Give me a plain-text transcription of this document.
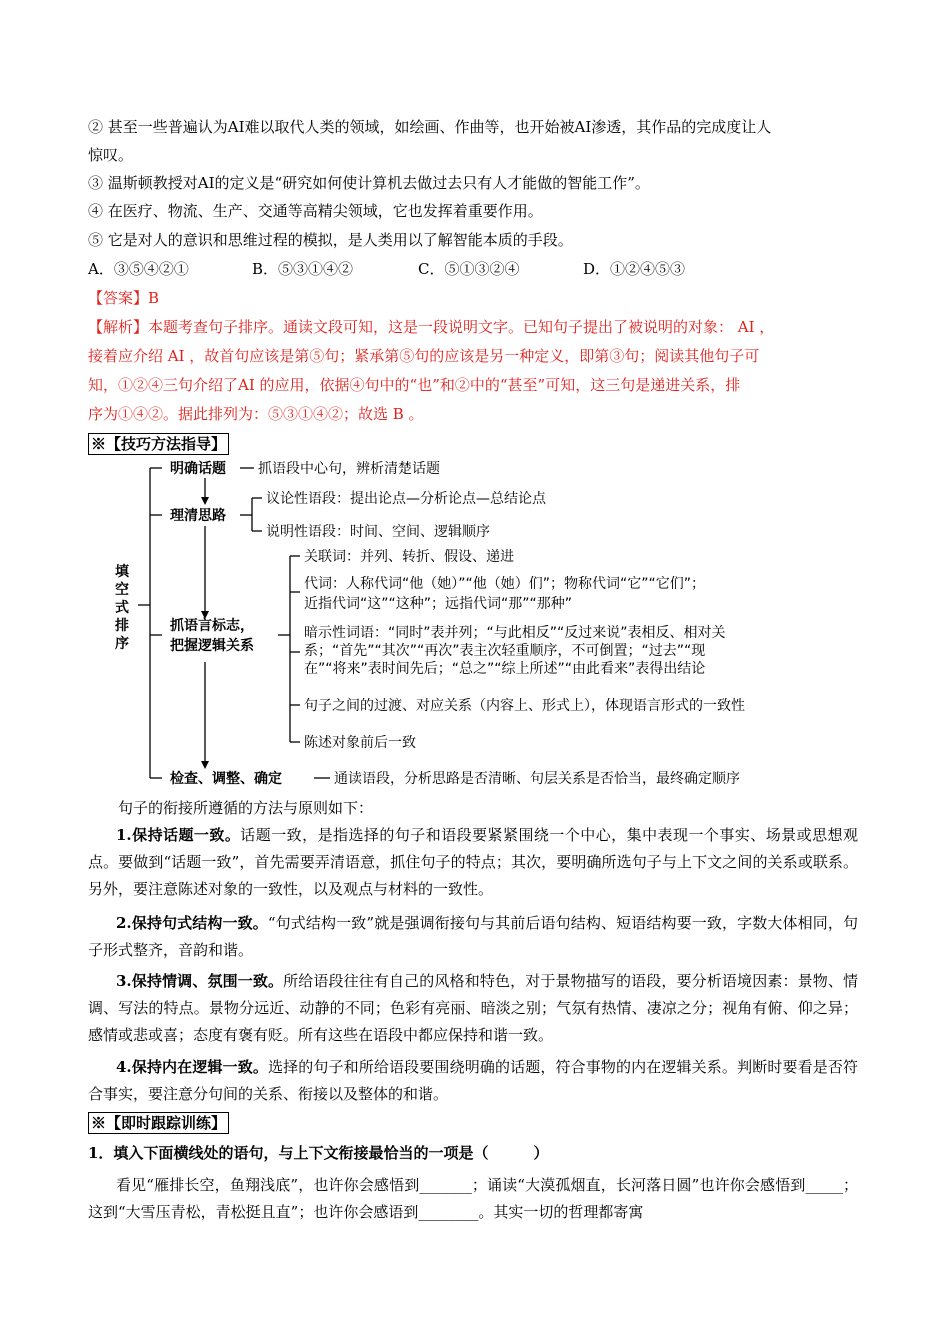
② 甚至一些普遍认为AI难以取代人类的领域，如绘画、作曲等，也开始被AI渗透，其作品的完成度让人
惊叹。
③ 温斯顿教授对AI的定义是“研究如何使计算机去做过去只有人才能做的智能工作”。
④ 在医疗、物流、生产、交通等高精尖领域，它也发挥着重要作用。
⑤ 它是对人的意识和思维过程的模拟，是人类用以了解智能本质的手段。
A．③⑤④②①	B．⑤③①④②	C．⑤①③②④	D．①②④⑤③
【答案】B
【解析】本题考查句子排序。通读文段可知，这是一段说明文字。已知句子提出了被说明的对象： AI ，
接着应介绍 AI ，故首句应该是第⑤句；紧承第⑤句的应该是另一种定义，即第③句；阅读其他句子可
知，①②④三句介绍了AI 的应用，依据④句中的“也”和②中的“甚至”可知，这三句是递进关系，排
序为①④②。据此排列为：⑤③①④②；故选 B 。
※【技巧方法指导】
填
空
式
排
序
明确话题 抓语段中心句，辨析清楚话题
理清思路
议论性语段：提出论点—分析论点—总结论点
说明性语段：时间、空间、逻辑顺序
抓语言标志，
把握逻辑关系
关联词：并列、转折、假设、递进
代词：人称代词“他（她）”“他（她）们”；物称代词“它”“它们”；
近指代词“这”“这种”；远指代词“那”“那种”
暗示性词语：“同时”表并列；“与此相反”“反过来说”表相反、相对关
系；“首先”“其次”“再次”表主次轻重顺序，不可倒置；“过去”“现
在”“将来”表时间先后；“总之”“综上所述”“由此看来”表得出结论
句子之间的过渡、对应关系（内容上、形式上），体现语言形式的一致性
陈述对象前后一致
检查、调整、确定	通读语段，分析思路是否清晰、句层关系是否恰当，最终确定顺序
句子的衔接所遵循的方法与原则如下：
1.保持话题一致。话题一致，是指选择的句子和语段要紧紧围绕一个中心，集中表现一个事实、场景或思想观点。要做到“话题一致”，首先需要弄清语意，抓住句子的特点；其次，要明确所选句子与上下文之间的关系或联系。另外，要注意陈述对象的一致性，以及观点与材料的一致性。
2.保持句式结构一致。“句式结构一致”就是强调衔接句与其前后语句结构、短语结构要一致，字数大体相同，句子形式整齐，音韵和谐。
3.保持情调、氛围一致。所给语段往往有自己的风格和特色，对于景物描写的语段，要分析语境因素：景物、情调、写法的特点。景物分远近、动静的不同；色彩有亮丽、暗淡之别；气氛有热情、凄凉之分；视角有俯、仰之异；感情或悲或喜；态度有褒有贬。所有这些在语段中都应保持和谐一致。
4.保持内在逻辑一致。选择的句子和所给语段要围绕明确的话题，符合事物的内在逻辑关系。判断时要看是否符合事实，要注意分句间的关系、衔接以及整体的和谐。
※【即时跟踪训练】
1．填入下面横线处的语句，与上下文衔接最恰当的一项是（　　　）
看见“雁排长空，鱼翔浅底”，也许你会感悟到_______；诵读“大漠孤烟直，长河落日圆”也许你会感悟到_____；这到“大雪压青松，青松挺且直”；也许你会感语到________。其实一切的哲理都寄寓
